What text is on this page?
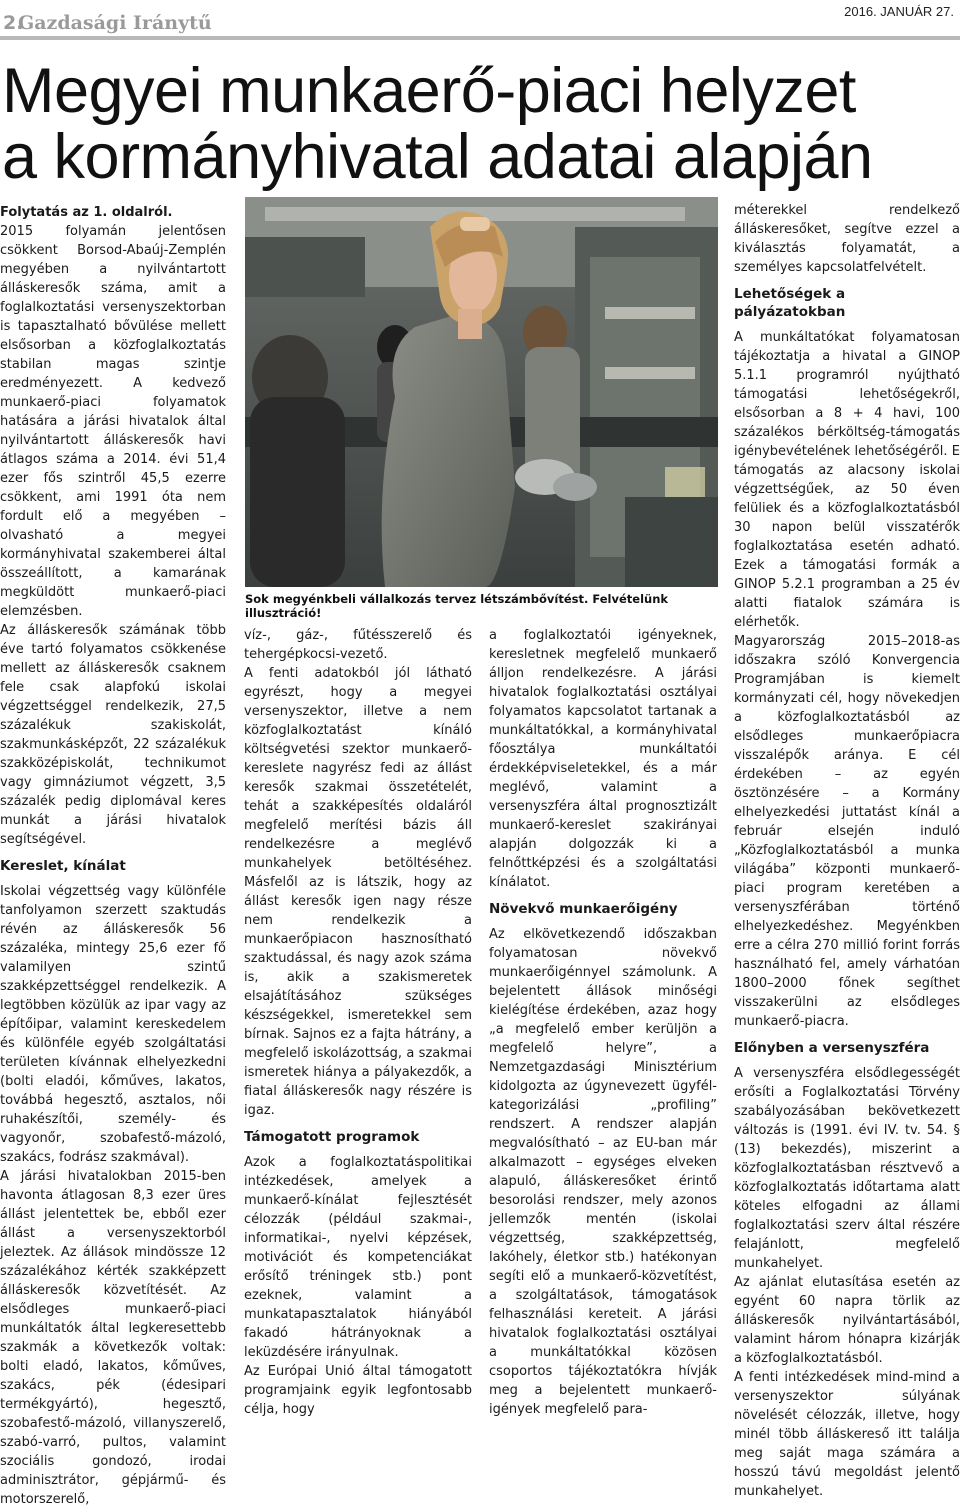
2.
Gazdasági Iránytű
2016. JANUÁR 27.
Megyei munkaerő-piaci helyzet
a kormányhivatal adatai alapján

Folytatás az 1. oldalról.

2015 folyamán jelentősen csökkent Borsod-Abaúj-Zemplén megyében a nyilvántartott álláskeresők száma, amit a foglalkoztatási versenyszektorban is tapasztalható bővülése mellett elsősorban a közfoglalkoztatás stabilan magas szintje eredményezett. A kedvező munkaerő-piaci folyamatok hatására a járási hivatalok által nyilvántartott álláskeresők havi átlagos száma a 2014. évi 51,4 ezer fős szintről 45,5 ezerre csökkent, ami 1991 óta nem fordult elő a megyében – olvasható a megyei kormányhivatal szakemberei által összeállított, a kamarának megküldött munkaerő-piaci elemzésben.

Az álláskeresők számának több éve tartó folyamatos csökkenése mellett az álláskeresők csaknem fele csak alapfokú iskolai végzettséggel rendelkezik, 27,5 százalékuk szakiskolát, szakmunkásképzőt, 22 százalékuk szakközépiskolát, technikumot vagy gimnáziumot végzett, 3,5 százalék pedig diplomával keres munkát a járási hivatalok segítségével.

Kereslet, kínálat

Iskolai végzettség vagy különféle tanfolyamon szerzett szaktudás révén az álláskeresők 56 százaléka, mintegy 25,6 ezer fő valamilyen szintű szakképzettséggel rendelkezik. A legtöbben közülük az ipar vagy az építőipar, valamint kereskedelem és különféle egyéb szolgáltatási területen kívánnak elhelyezkedni (bolti eladói, kőműves, lakatos, továbbá hegesztő, asztalos, női ruhakészítői, személy- és vagyonőr, szobafestő-mázoló, szakács, fodrász szakmával).

A járási hivatalokban 2015-ben havonta átlagosan 8,3 ezer üres állást jelentettek be, ebből ezer állást a versenyszektorból jeleztek. Az állások mindössze 12 százalékához kérték szakképzett álláskeresők közvetítését. Az elsődleges munkaerő-piaci munkáltatók által legkeresettebb szakmák a következők voltak: bolti eladó, lakatos, kőműves, szakács, pék (édesipari termékgyártó), hegesztő, szobafestő-mázoló, villanyszerelő, szabó-varró, pultos, valamint szociális gondozó, irodai adminisztrátor, gépjármű- és motorszerelő,

Sok megyénkbeli vállalkozás tervez létszámbővítést. Felvételünk illusztráció!

víz-, gáz-, fűtésszerelő és tehergépkocsi-vezető.

A fenti adatokból jól látható egyrészt, hogy a megyei versenyszektor, illetve a nem közfoglalkoztatást kínáló költségvetési szektor munkaerő-kereslete nagyrész fedi az állást keresők szakmai összetételét, tehát a szakképesítés oldaláról megfelelő merítési bázis áll rendelkezésre a meglévő munkahelyek betöltéséhez. Másfelől az is látszik, hogy az állást keresők igen nagy része nem rendelkezik a munkaerőpiacon hasznosítható szaktudással, és nagy azok száma is, akik a szakismeretek elsajátításához szükséges készségekkel, ismeretekkel sem bírnak. Sajnos ez a fajta hátrány, a megfelelő iskolázottság, a szakmai ismeretek hiánya a pályakezdők, a fiatal álláskeresők nagy részére is igaz.

Támogatott programok

Azok a foglalkoztatáspolitikai intézkedések, amelyek a munkaerő-kínálat fejlesztését célozzák (például szakmai-, informatikai-, nyelvi képzések, motivációt és kompetenciákat erősítő tréningek stb.) pont ezeknek, valamint a munkatapasztalatok hiányából fakadó hátrányoknak a leküzdésére irányulnak.

Az Európai Unió által támogatott programjaink egyik legfontosabb célja, hogy

a foglalkoztatói igényeknek, keresletnek megfelelő munkaerő álljon rendelkezésre. A járási hivatalok foglalkoztatási osztályai folyamatos kapcsolatot tartanak a munkáltatókkal, a kormányhivatal főosztálya munkáltatói érdekképviseletekkel, és a már meglévő, valamint a versenyszféra által prognosztizált munkaerő-kereslet szakirányai alapján dolgozzák ki a felnőttképzési és a szolgáltatási kínálatot.

Növekvő munkaerőigény

Az elkövetkezendő időszakban folyamatosan növekvő munkaerőigénnyel számolunk. A bejelentett állások minőségi kielégítése érdekében, azaz hogy „a megfelelő ember kerüljön a megfelelő helyre”, a Nemzetgazdasági Minisztérium kidolgozta az úgynevezett ügyfél-kategorizálási „profiling” rendszert. A rendszer alapján megvalósítható – az EU-ban már alkalmazott – egységes elveken alapuló, álláskeresőket érintő besorolási rendszer, mely azonos jellemzők mentén (iskolai végzettség, szakképzettség, lakóhely, életkor stb.) hatékonyan segíti elő a munkaerő-közvetítést, a szolgáltatások, támogatások felhasználási kereteit. A járási hivatalok foglalkoztatási osztályai a munkáltatókkal közösen csoportos tájékoztatókra hívják meg a bejelentett munkaerő-igények megfelelő para-

méterekkel rendelkező álláskeresőket, segítve ezzel a kiválasztás folyamatát, a személyes kapcsolatfelvételt.

Lehetőségek a pályázatokban

A munkáltatókat folyamatosan tájékoztatja a hivatal a GINOP 5.1.1 programról nyújtható támogatási lehetőségekről, elsősorban a 8 + 4 havi, 100 százalékos bérköltség-támogatás igénybevételének lehetőségéről. E támogatás az alacsony iskolai végzettségűek, az 50 éven felüliek és a közfoglalkoztatásból 30 napon belül visszatérők foglalkoztatása esetén adható. Ezek a támogatási formák a GINOP 5.2.1 programban a 25 év alatti fiatalok számára is elérhetők.

Magyarország 2015–2018-as időszakra szóló Konvergencia Programjában is kiemelt kormányzati cél, hogy növekedjen a közfoglalkoztatásból az elsődleges munkaerőpiacra visszalépők aránya. E cél érdekében – az egyén ösztönzésére – a Kormány elhelyezkedési juttatást kínál a február elsején induló „Közfoglalkoztatásból a munka világába” központi munkaerő-piaci program keretében a versenyszférában történő elhelyezkedéshez. Megyénkben erre a célra 270 millió forint forrás használható fel, amely várhatóan 1800–2000 főnek segíthet visszakerülni az elsődleges munkaerő-piacra.

Előnyben a versenyszféra

A versenyszféra elsődlegességét erősíti a Foglalkoztatási Törvény szabályozásában bekövetkezett változás is (1991. évi IV. tv. 54. § (13) bekezdés), miszerint a közfoglalkoztatásban résztvevő a közfoglalkoztatás időtartama alatt köteles elfogadni az állami foglalkoztatási szerv által részére felajánlott, megfelelő munkahelyet.

Az ajánlat elutasítása esetén az egyént 60 napra törlik az álláskeresők nyilvántartásából, valamint három hónapra kizárják a közfoglalkoztatásból.

A fenti intézkedések mind-mind a versenyszektor súlyának növelését célozzák, illetve, hogy minél több álláskereső itt találja meg saját maga számára a hosszú távú megoldást jelentő munkahelyet.
